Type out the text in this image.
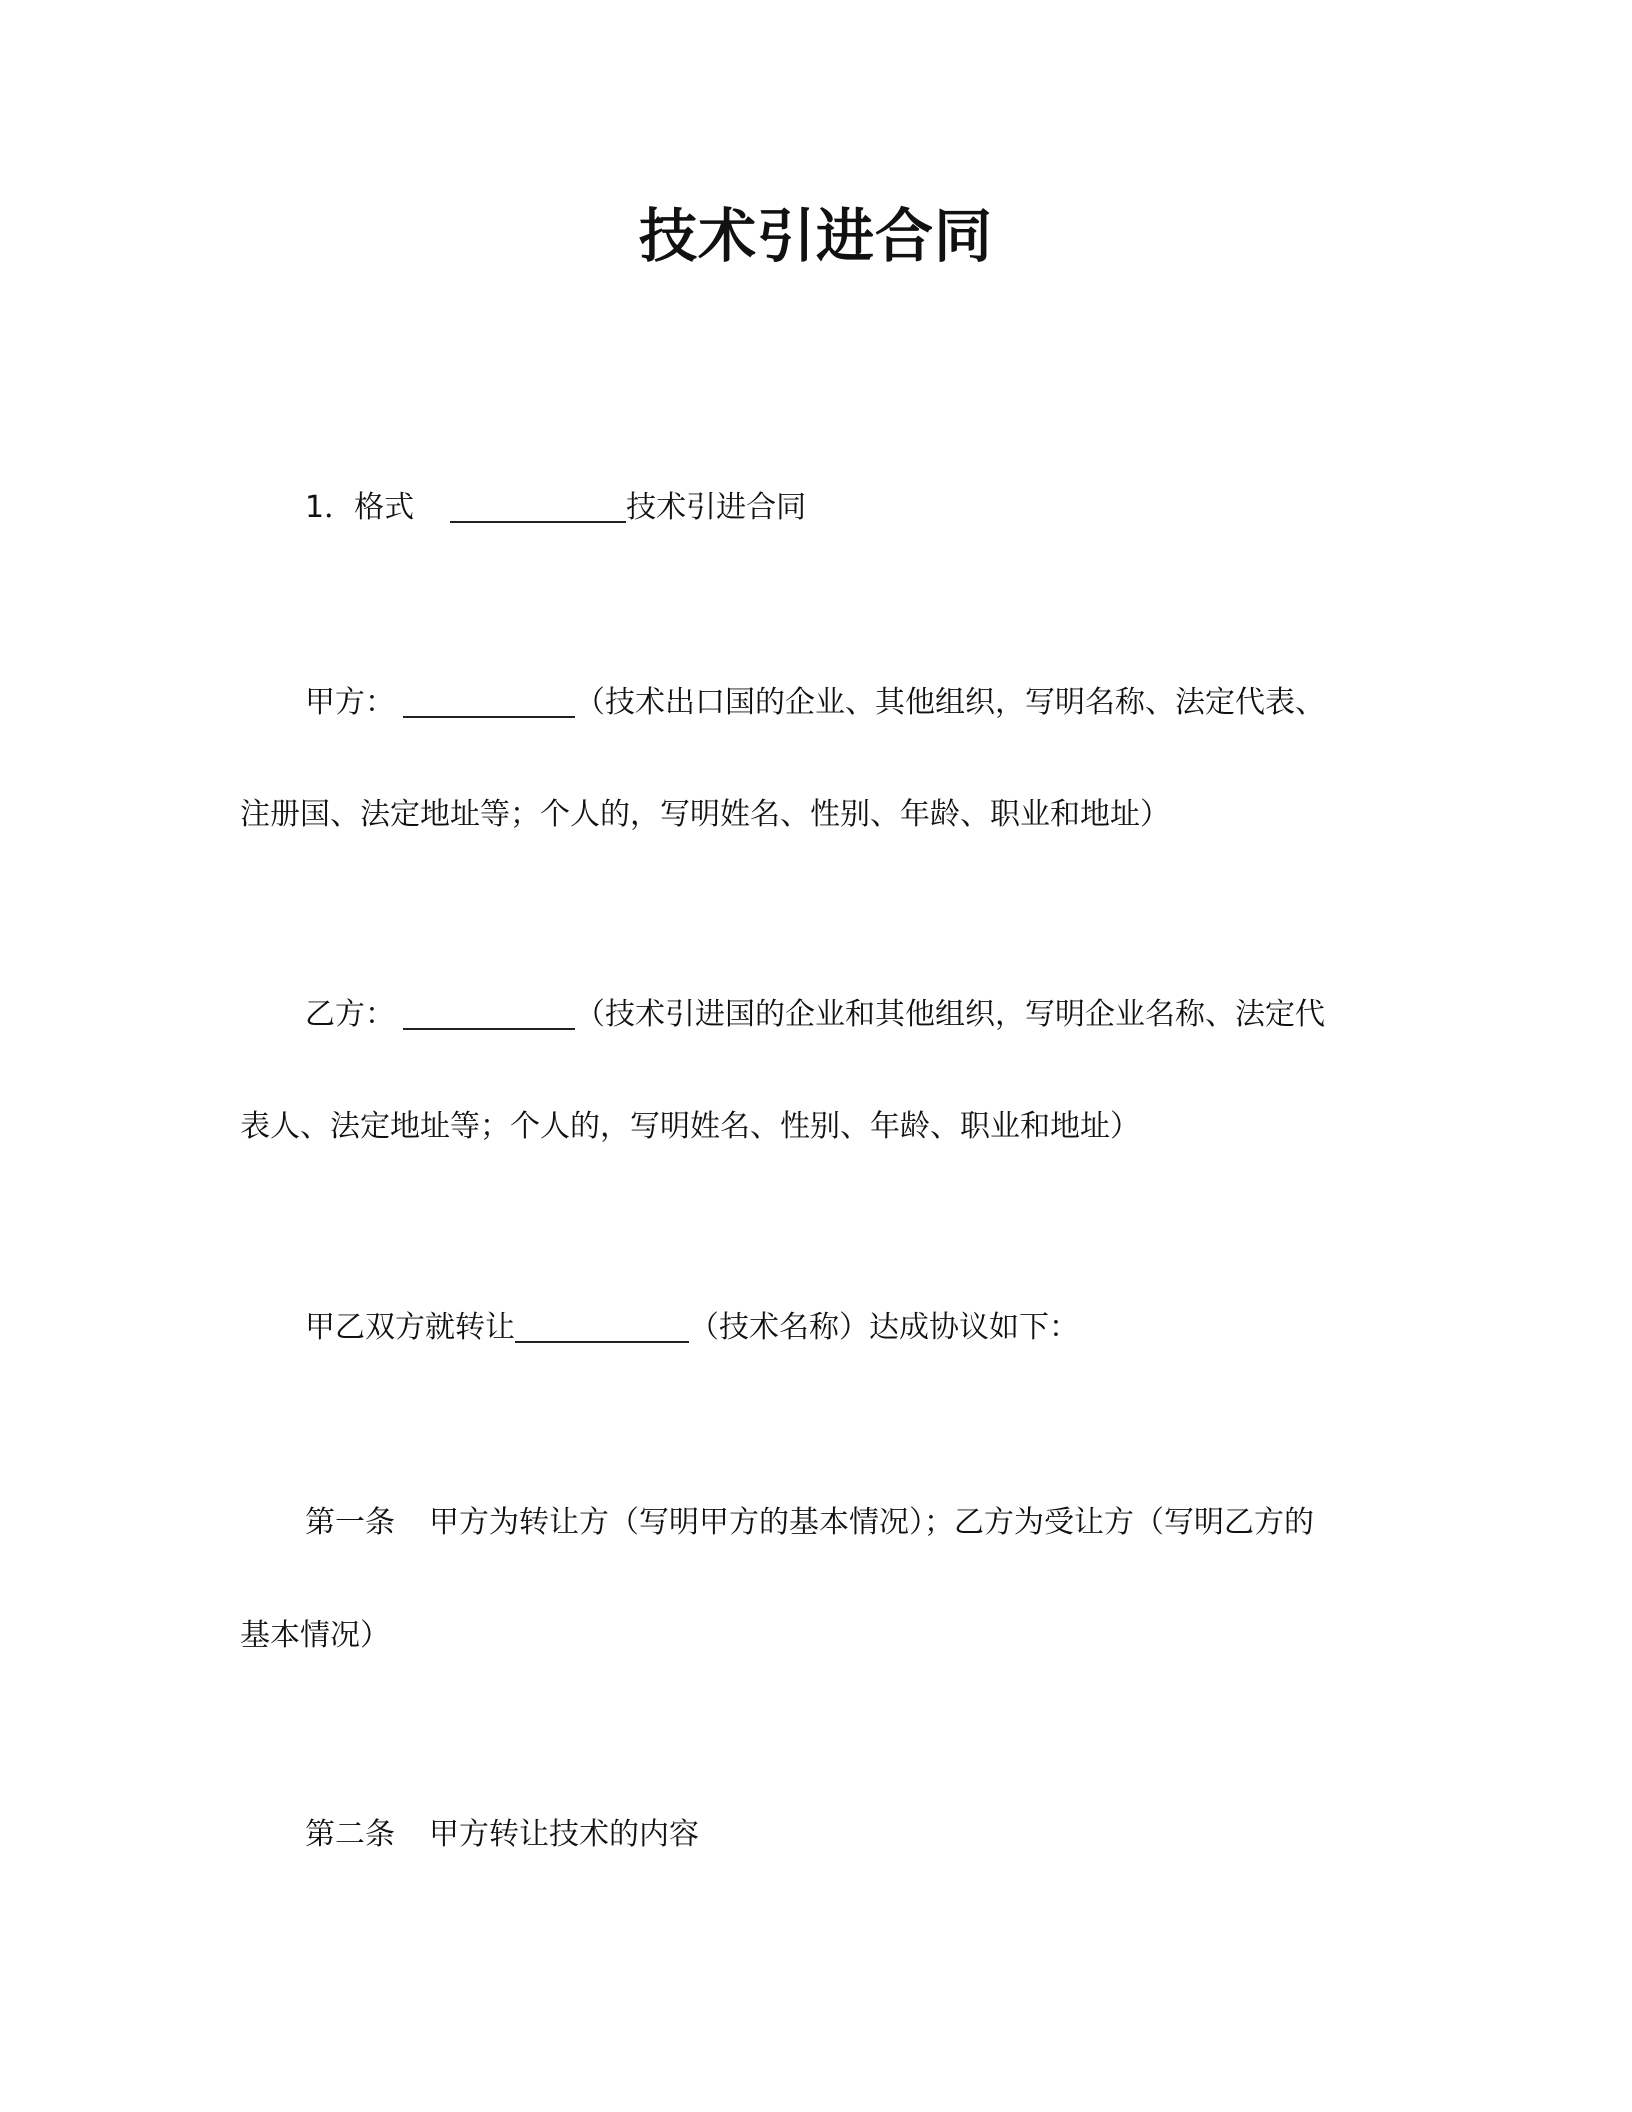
技术引进合同
1．格式	技术引进合同
甲方：	（技术出口国的企业、其他组织，写明名称、法定代表、
注册国、法定地址等；个人的，写明姓名、性别、年龄、职业和地址）
乙方：	（技术引进国的企业和其他组织，写明企业名称、法定代
表人、法定地址等；个人的，写明姓名、性别、年龄、职业和地址）
甲乙双方就转让	（技术名称）达成协议如下：
第一条 甲方为转让方（写明甲方的基本情况）；乙方为受让方（写明乙方的
基本情况）
第二条 甲方转让技术的内容
